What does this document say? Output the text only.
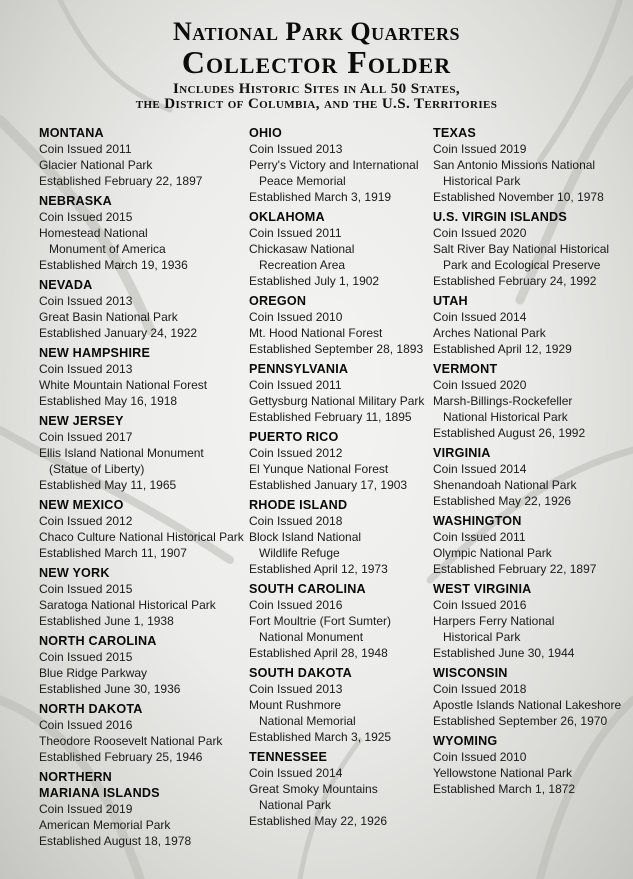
National Park Quarters
Collector Folder
Includes Historic Sites in All 50 States,
the District of Columbia, and the U.S. Territories
MONTANA
Coin Issued 2011
Glacier National Park
Established February 22, 1897
NEBRASKA
Coin Issued 2015
Homestead National
Monument of America
Established March 19, 1936
NEVADA
Coin Issued 2013
Great Basin National Park
Established January 24, 1922
NEW HAMPSHIRE
Coin Issued 2013
White Mountain National Forest
Established May 16, 1918
NEW JERSEY
Coin Issued 2017
Ellis Island National Monument
(Statue of Liberty)
Established May 11, 1965
NEW MEXICO
Coin Issued 2012
Chaco Culture National Historical Park
Established March 11, 1907
NEW YORK
Coin Issued 2015
Saratoga National Historical Park
Established June 1, 1938
NORTH CAROLINA
Coin Issued 2015
Blue Ridge Parkway
Established June 30, 1936
NORTH DAKOTA
Coin Issued 2016
Theodore Roosevelt National Park
Established February 25, 1946
NORTHERN
MARIANA ISLANDS
Coin Issued 2019
American Memorial Park
Established August 18, 1978
OHIO
Coin Issued 2013
Perry's Victory and International
Peace Memorial
Established March 3, 1919
OKLAHOMA
Coin Issued 2011
Chickasaw National
Recreation Area
Established July 1, 1902
OREGON
Coin Issued 2010
Mt. Hood National Forest
Established September 28, 1893
PENNSYLVANIA
Coin Issued 2011
Gettysburg National Military Park
Established February 11, 1895
PUERTO RICO
Coin Issued 2012
El Yunque National Forest
Established January 17, 1903
RHODE ISLAND
Coin Issued 2018
Block Island National
Wildlife Refuge
Established April 12, 1973
SOUTH CAROLINA
Coin Issued 2016
Fort Moultrie (Fort Sumter)
National Monument
Established April 28, 1948
SOUTH DAKOTA
Coin Issued 2013
Mount Rushmore
National Memorial
Established March 3, 1925
TENNESSEE
Coin Issued 2014
Great Smoky Mountains
National Park
Established May 22, 1926
TEXAS
Coin Issued 2019
San Antonio Missions National
Historical Park
Established November 10, 1978
U.S. VIRGIN ISLANDS
Coin Issued 2020
Salt River Bay National Historical
Park and Ecological Preserve
Established February 24, 1992
UTAH
Coin Issued 2014
Arches National Park
Established April 12, 1929
VERMONT
Coin Issued 2020
Marsh-Billings-Rockefeller
National Historical Park
Established August 26, 1992
VIRGINIA
Coin Issued 2014
Shenandoah National Park
Established May 22, 1926
WASHINGTON
Coin Issued 2011
Olympic National Park
Established February 22, 1897
WEST VIRGINIA
Coin Issued 2016
Harpers Ferry National
Historical Park
Established June 30, 1944
WISCONSIN
Coin Issued 2018
Apostle Islands National Lakeshore
Established September 26, 1970
WYOMING
Coin Issued 2010
Yellowstone National Park
Established March 1, 1872
